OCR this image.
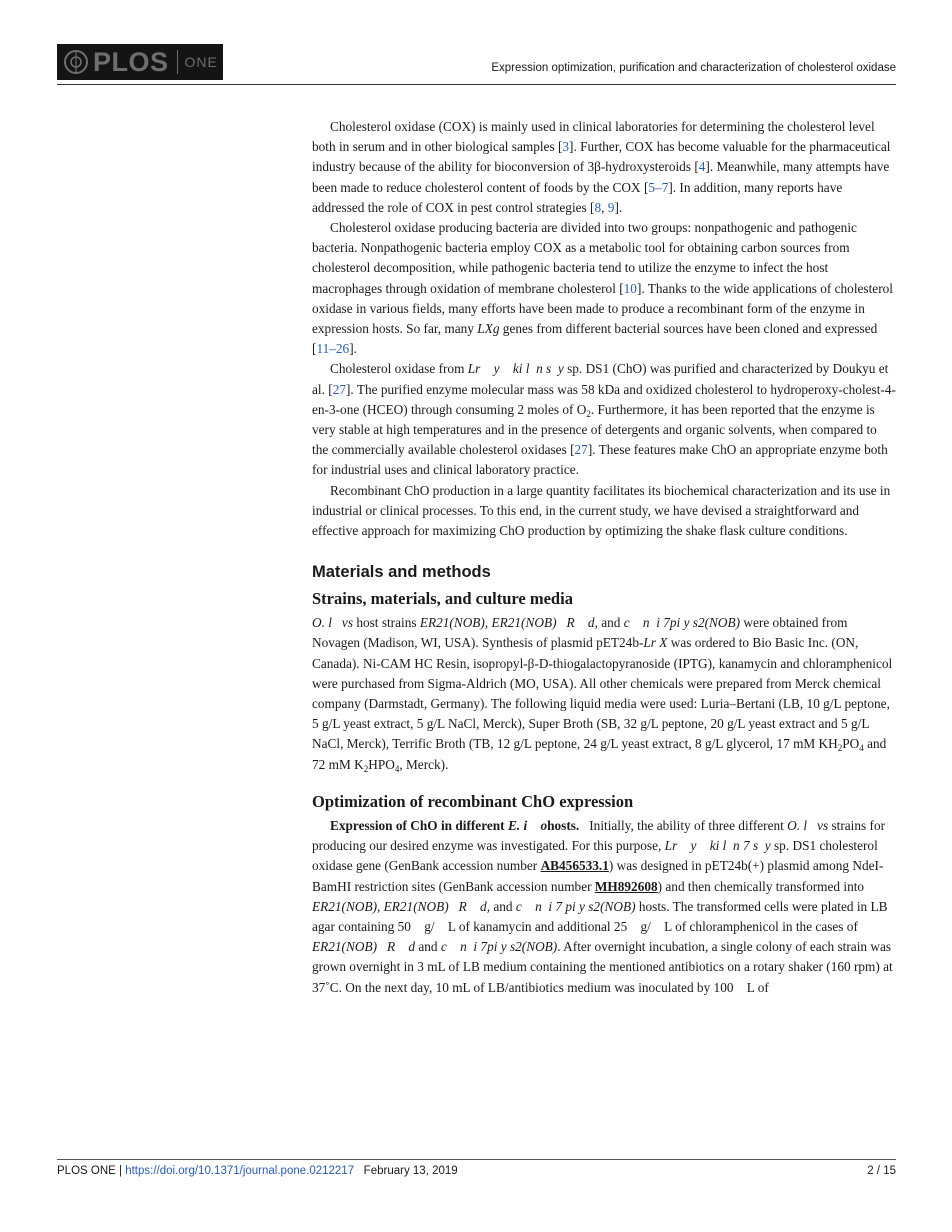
PLOS ONE	Expression optimization, purification and characterization of cholesterol oxidase

Cholesterol oxidase (COX) is mainly used in clinical laboratories for determining the cholesterol level both in serum and in other biological samples [3]. Further, COX has become valuable for the pharmaceutical industry because of the ability for bioconversion of 3β-hydroxysteroids [4]. Meanwhile, many attempts have been made to reduce cholesterol content of foods by the COX [5–7]. In addition, many reports have addressed the role of COX in pest control strategies [8, 9].

Cholesterol oxidase producing bacteria are divided into two groups: nonpathogenic and pathogenic bacteria. Nonpathogenic bacteria employ COX as a metabolic tool for obtaining carbon sources from cholesterol decomposition, while pathogenic bacteria tend to utilize the enzyme to infect the host macrophages through oxidation of membrane cholesterol [10]. Thanks to the wide applications of cholesterol oxidase in various fields, many efforts have been made to produce a recombinant form of the enzyme in expression hosts. So far, many LXg genes from different bacterial sources have been cloned and expressed [11–26].

Cholesterol oxidase from Lr    y    ki l  n s  y sp. DS1 (ChO) was purified and characterized by Doukyu et al. [27]. The purified enzyme molecular mass was 58 kDa and oxidized cholesterol to hydroperoxy-cholest-4-en-3-one (HCEO) through consuming 2 moles of $O_2$. Furthermore, it has been reported that the enzyme is very stable at high temperatures and in the presence of detergents and organic solvents, when compared to the commercially available cholesterol oxidases [27]. These features make ChO an appropriate enzyme both for industrial uses and clinical laboratory practice.

Recombinant ChO production in a large quantity facilitates its biochemical characterization and its use in industrial or clinical processes. To this end, in the current study, we have devised a straightforward and effective approach for maximizing ChO production by optimizing the shake flask culture conditions.

Materials and methods
Strains, materials, and culture media

O. l   vs host strains ER21(NOB), ER21(NOB)   R    d, and c    n  i 7pi y s2(NOB) were obtained from Novagen (Madison, WI, USA). Synthesis of plasmid pET24b-Lr X was ordered to Bio Basic Inc. (ON, Canada). Ni-CAM HC Resin, isopropyl-β-D-thiogalactopyranoside (IPTG), kanamycin and chloramphenicol were purchased from Sigma-Aldrich (MO, USA). All other chemicals were prepared from Merck chemical company (Darmstadt, Germany). The following liquid media were used: Luria–Bertani (LB, 10 g/L peptone, 5 g/L yeast extract, 5 g/L NaCl, Merck), Super Broth (SB, 32 g/L peptone, 20 g/L yeast extract and 5 g/L NaCl, Merck), Terrific Broth (TB, 12 g/L peptone, 24 g/L yeast extract, 8 g/L glycerol, 17 mM $KH_2PO_4$ and 72 mM $K_2HPO_4$, Merck).

Optimization of recombinant ChO expression

Expression of ChO in different E. i    ohosts.   Initially, the ability of three different O. l   vs strains for producing our desired enzyme was investigated. For this purpose, Lr    y    ki l  n 7 s  y sp. DS1 cholesterol oxidase gene (GenBank accession number AB456533.1) was designed in pET24b(+) plasmid among NdeI-BamHI restriction sites (GenBank accession number MH892608) and then chemically transformed into ER21(NOB), ER21(NOB)   R    d, and c    n  i 7 pi y s2(NOB) hosts. The transformed cells were plated in LB agar containing 50    g/    L of kanamycin and additional 25    g/    L of chloramphenicol in the cases of ER21(NOB)   R    d and c    n  i 7pi y s2(NOB). After overnight incubation, a single colony of each strain was grown overnight in 3 mL of LB medium containing the mentioned antibiotics on a rotary shaker (160 rpm) at 37˚C. On the next day, 10 mL of LB/antibiotics medium was inoculated by 100    L of

PLOS ONE | https://doi.org/10.1371/journal.pone.0212217   February 13, 2019	2 / 15
